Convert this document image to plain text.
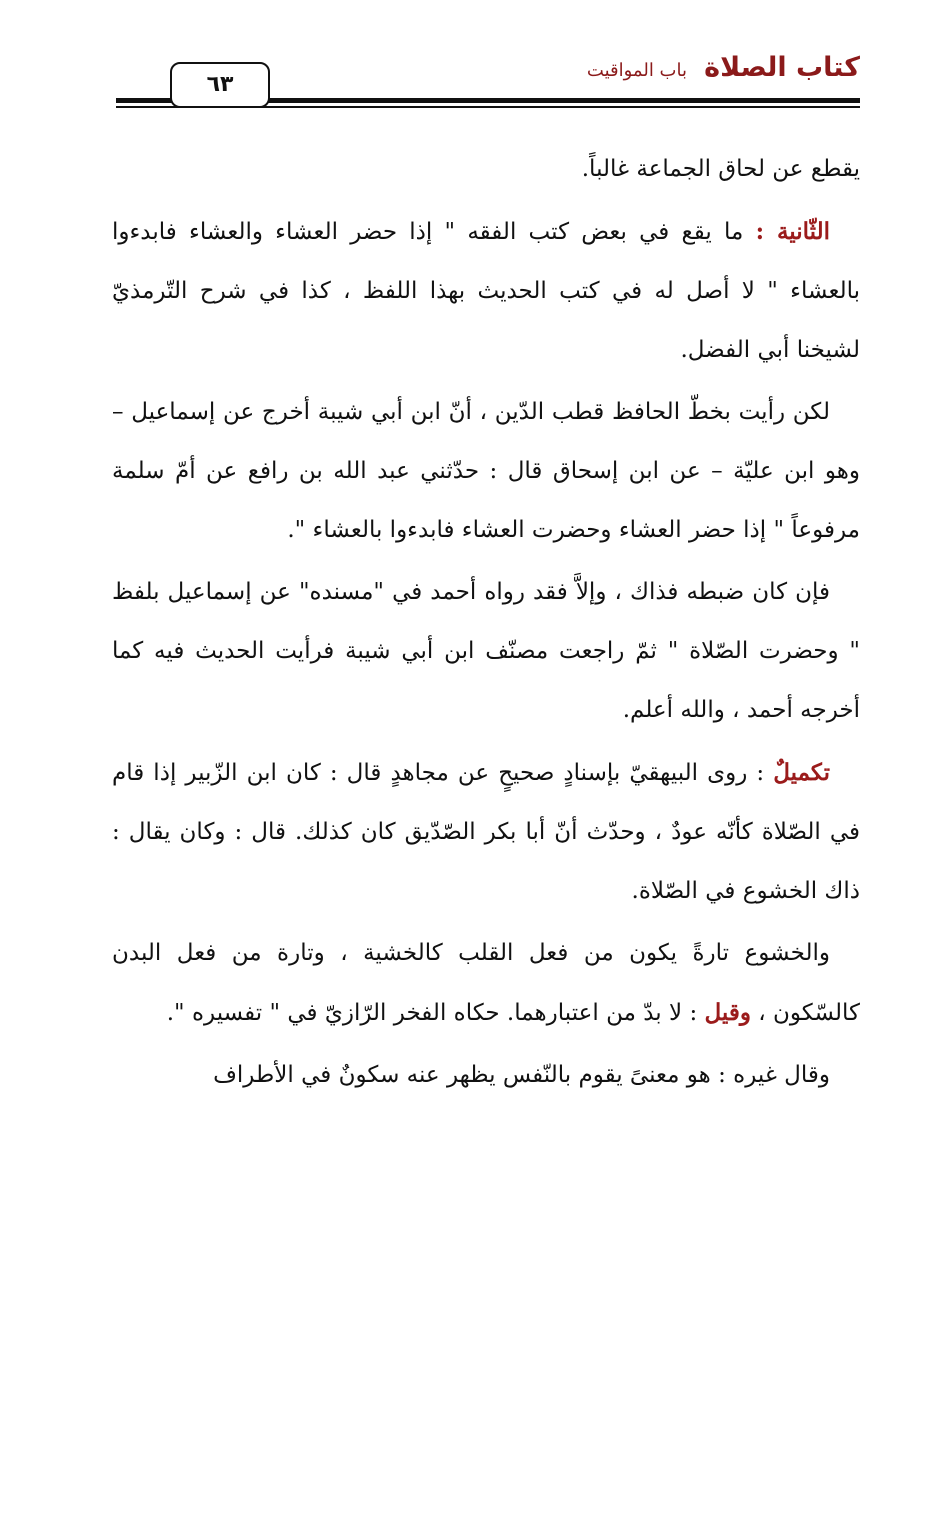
كتاب الصلاة
باب المواقيت
٦٣

يقطع عن لحاق الجماعة غالباً.

الثّانية : ما يقع في بعض كتب الفقه " إذا حضر العشاء والعشاء فابدءوا بالعشاء " لا أصل له في كتب الحديث بهذا اللفظ ، كذا في شرح التّرمذيّ لشيخنا أبي الفضل.

لكن رأيت بخطّ الحافظ قطب الدّين ، أنّ ابن أبي شيبة أخرج عن إسماعيل – وهو ابن عليّة – عن ابن إسحاق قال : حدّثني عبد الله بن رافع عن أمّ سلمة مرفوعاً " إذا حضر العشاء وحضرت العشاء فابدءوا بالعشاء ".

فإن كان ضبطه فذاك ، وإلاَّ فقد رواه أحمد في "مسنده" عن إسماعيل بلفظ " وحضرت الصّلاة " ثمّ راجعت مصنّف ابن أبي شيبة فرأيت الحديث فيه كما أخرجه أحمد ، والله أعلم.

تكميلٌ : روى البيهقيّ بإسنادٍ صحيحٍ عن مجاهدٍ قال : كان ابن الزّبير إذا قام في الصّلاة كأنّه عودٌ ، وحدّث أنّ أبا بكر الصّدّيق كان كذلك. قال : وكان يقال : ذاك الخشوع في الصّلاة.

والخشوع تارةً يكون من فعل القلب كالخشية ، وتارة من فعل البدن كالسّكون ، وقيل : لا بدّ من اعتبارهما. حكاه الفخر الرّازيّ في " تفسيره ".

وقال غيره : هو معنىً يقوم بالنّفس يظهر عنه سكونٌ في الأطراف
